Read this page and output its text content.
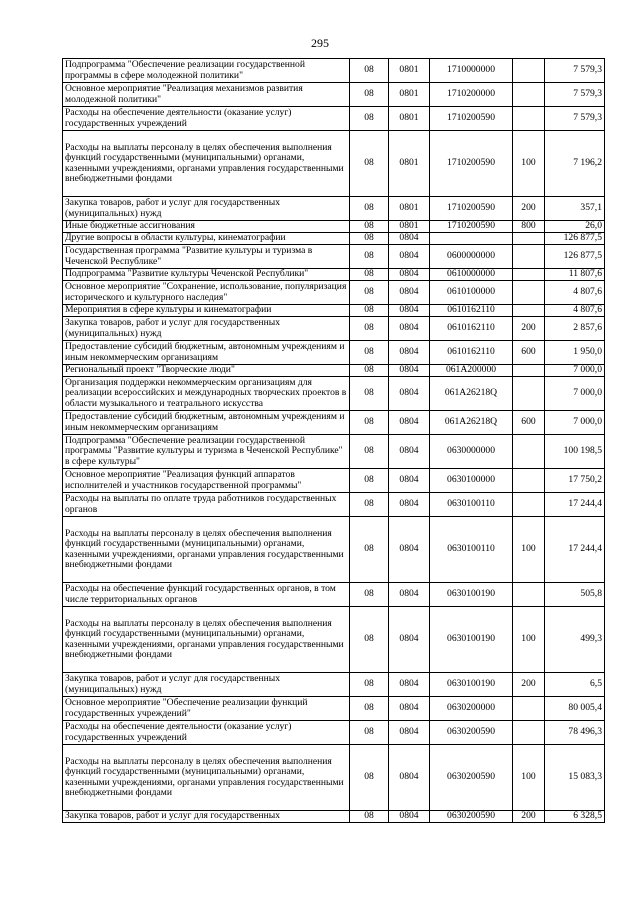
295
Подпрограмма "Обеспечение реализации государственной программы в сфере молодежной политики"	08	0801	1710000000		7 579,3
Основное мероприятие "Реализация механизмов развития молодежной политики"	08	0801	1710200000		7 579,3
Расходы на обеспечение деятельности (оказание услуг) государственных учреждений	08	0801	1710200590		7 579,3
Расходы на выплаты персоналу в целях обеспечения выполнения функций государственными (муниципальными) органами, казенными учреждениями, органами управления государственными внебюджетными фондами	08	0801	1710200590	100	7 196,2
Закупка товаров, работ и услуг для государственных (муниципальных) нужд	08	0801	1710200590	200	357,1
Иные бюджетные ассигнования	08	0801	1710200590	800	26,0
Другие вопросы в области культуры, кинематографии	08	0804			126 877,5
Государственная программа "Развитие культуры и туризма в Чеченской Республике"	08	0804	0600000000		126 877,5
Подпрограмма "Развитие культуры Чеченской Республики"	08	0804	0610000000		11 807,6
Основное мероприятие "Сохранение, использование, популяризация исторического и культурного наследия"	08	0804	0610100000		4 807,6
Мероприятия в сфере культуры и кинематографии	08	0804	0610162110		4 807,6
Закупка товаров, работ и услуг для государственных (муниципальных) нужд	08	0804	0610162110	200	2 857,6
Предоставление субсидий бюджетным, автономным учреждениям и иным некоммерческим организациям	08	0804	0610162110	600	1 950,0
Региональный проект "Творческие люди"	08	0804	061A200000		7 000,0
Организация поддержки некоммерческим организациям для реализации всероссийских и международных творческих проектов в области музыкального и театрального искусства	08	0804	061A26218Q		7 000,0
Предоставление субсидий бюджетным, автономным учреждениям и иным некоммерческим организациям	08	0804	061A26218Q	600	7 000,0
Подпрограмма "Обеспечение реализации государственной программы "Развитие культуры и туризма в Чеченской Республике" в сфере культуры"	08	0804	0630000000		100 198,5
Основное мероприятие "Реализация функций аппаратов исполнителей и участников государственной программы"	08	0804	0630100000		17 750,2
Расходы на выплаты по оплате труда работников государственных органов	08	0804	0630100110		17 244,4
Расходы на выплаты персоналу в целях обеспечения выполнения функций государственными (муниципальными) органами, казенными учреждениями, органами управления государственными внебюджетными фондами	08	0804	0630100110	100	17 244,4
Расходы на обеспечение функций государственных органов, в том числе территориальных органов	08	0804	0630100190		505,8
Расходы на выплаты персоналу в целях обеспечения выполнения функций государственными (муниципальными) органами, казенными учреждениями, органами управления государственными внебюджетными фондами	08	0804	0630100190	100	499,3
Закупка товаров, работ и услуг для государственных (муниципальных) нужд	08	0804	0630100190	200	6,5
Основное мероприятие "Обеспечение реализации функций государственных учреждений"	08	0804	0630200000		80 005,4
Расходы на обеспечение деятельности (оказание услуг) государственных учреждений	08	0804	0630200590		78 496,3
Расходы на выплаты персоналу в целях обеспечения выполнения функций государственными (муниципальными) органами, казенными учреждениями, органами управления государственными внебюджетными фондами	08	0804	0630200590	100	15 083,3
Закупка товаров, работ и услуг для государственных	08	0804	0630200590	200	6 328,5
